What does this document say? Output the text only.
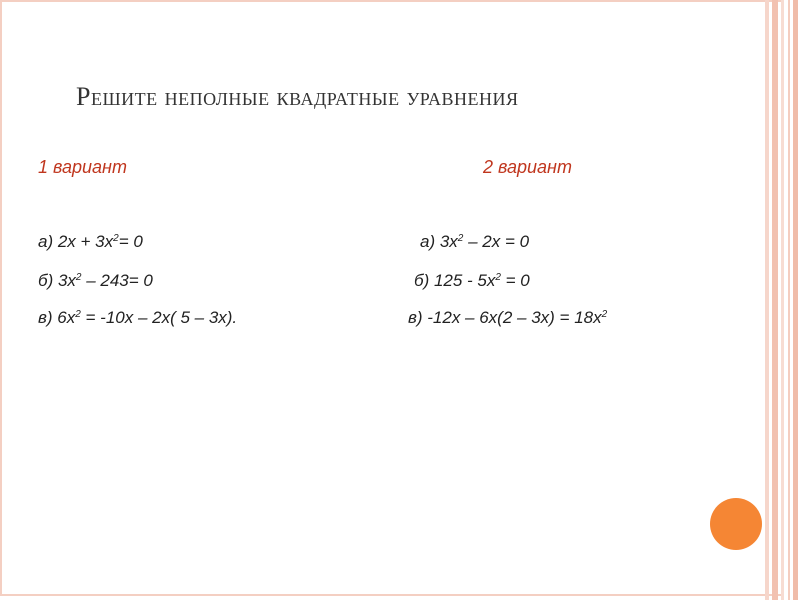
Решите неполные квадратные уравнения
1 вариант	2 вариант

а) $2х + 3х^2= 0$

б) $3х^2 - 243= 0$

в) $6х^2 = -10х - 2х$( 5 – 3х).

а) $3х^2 - 2х = 0$

б) $125 - 5х^2 = 0$

в) $-12х - 6х(2 - 3х) = 18х^2$
